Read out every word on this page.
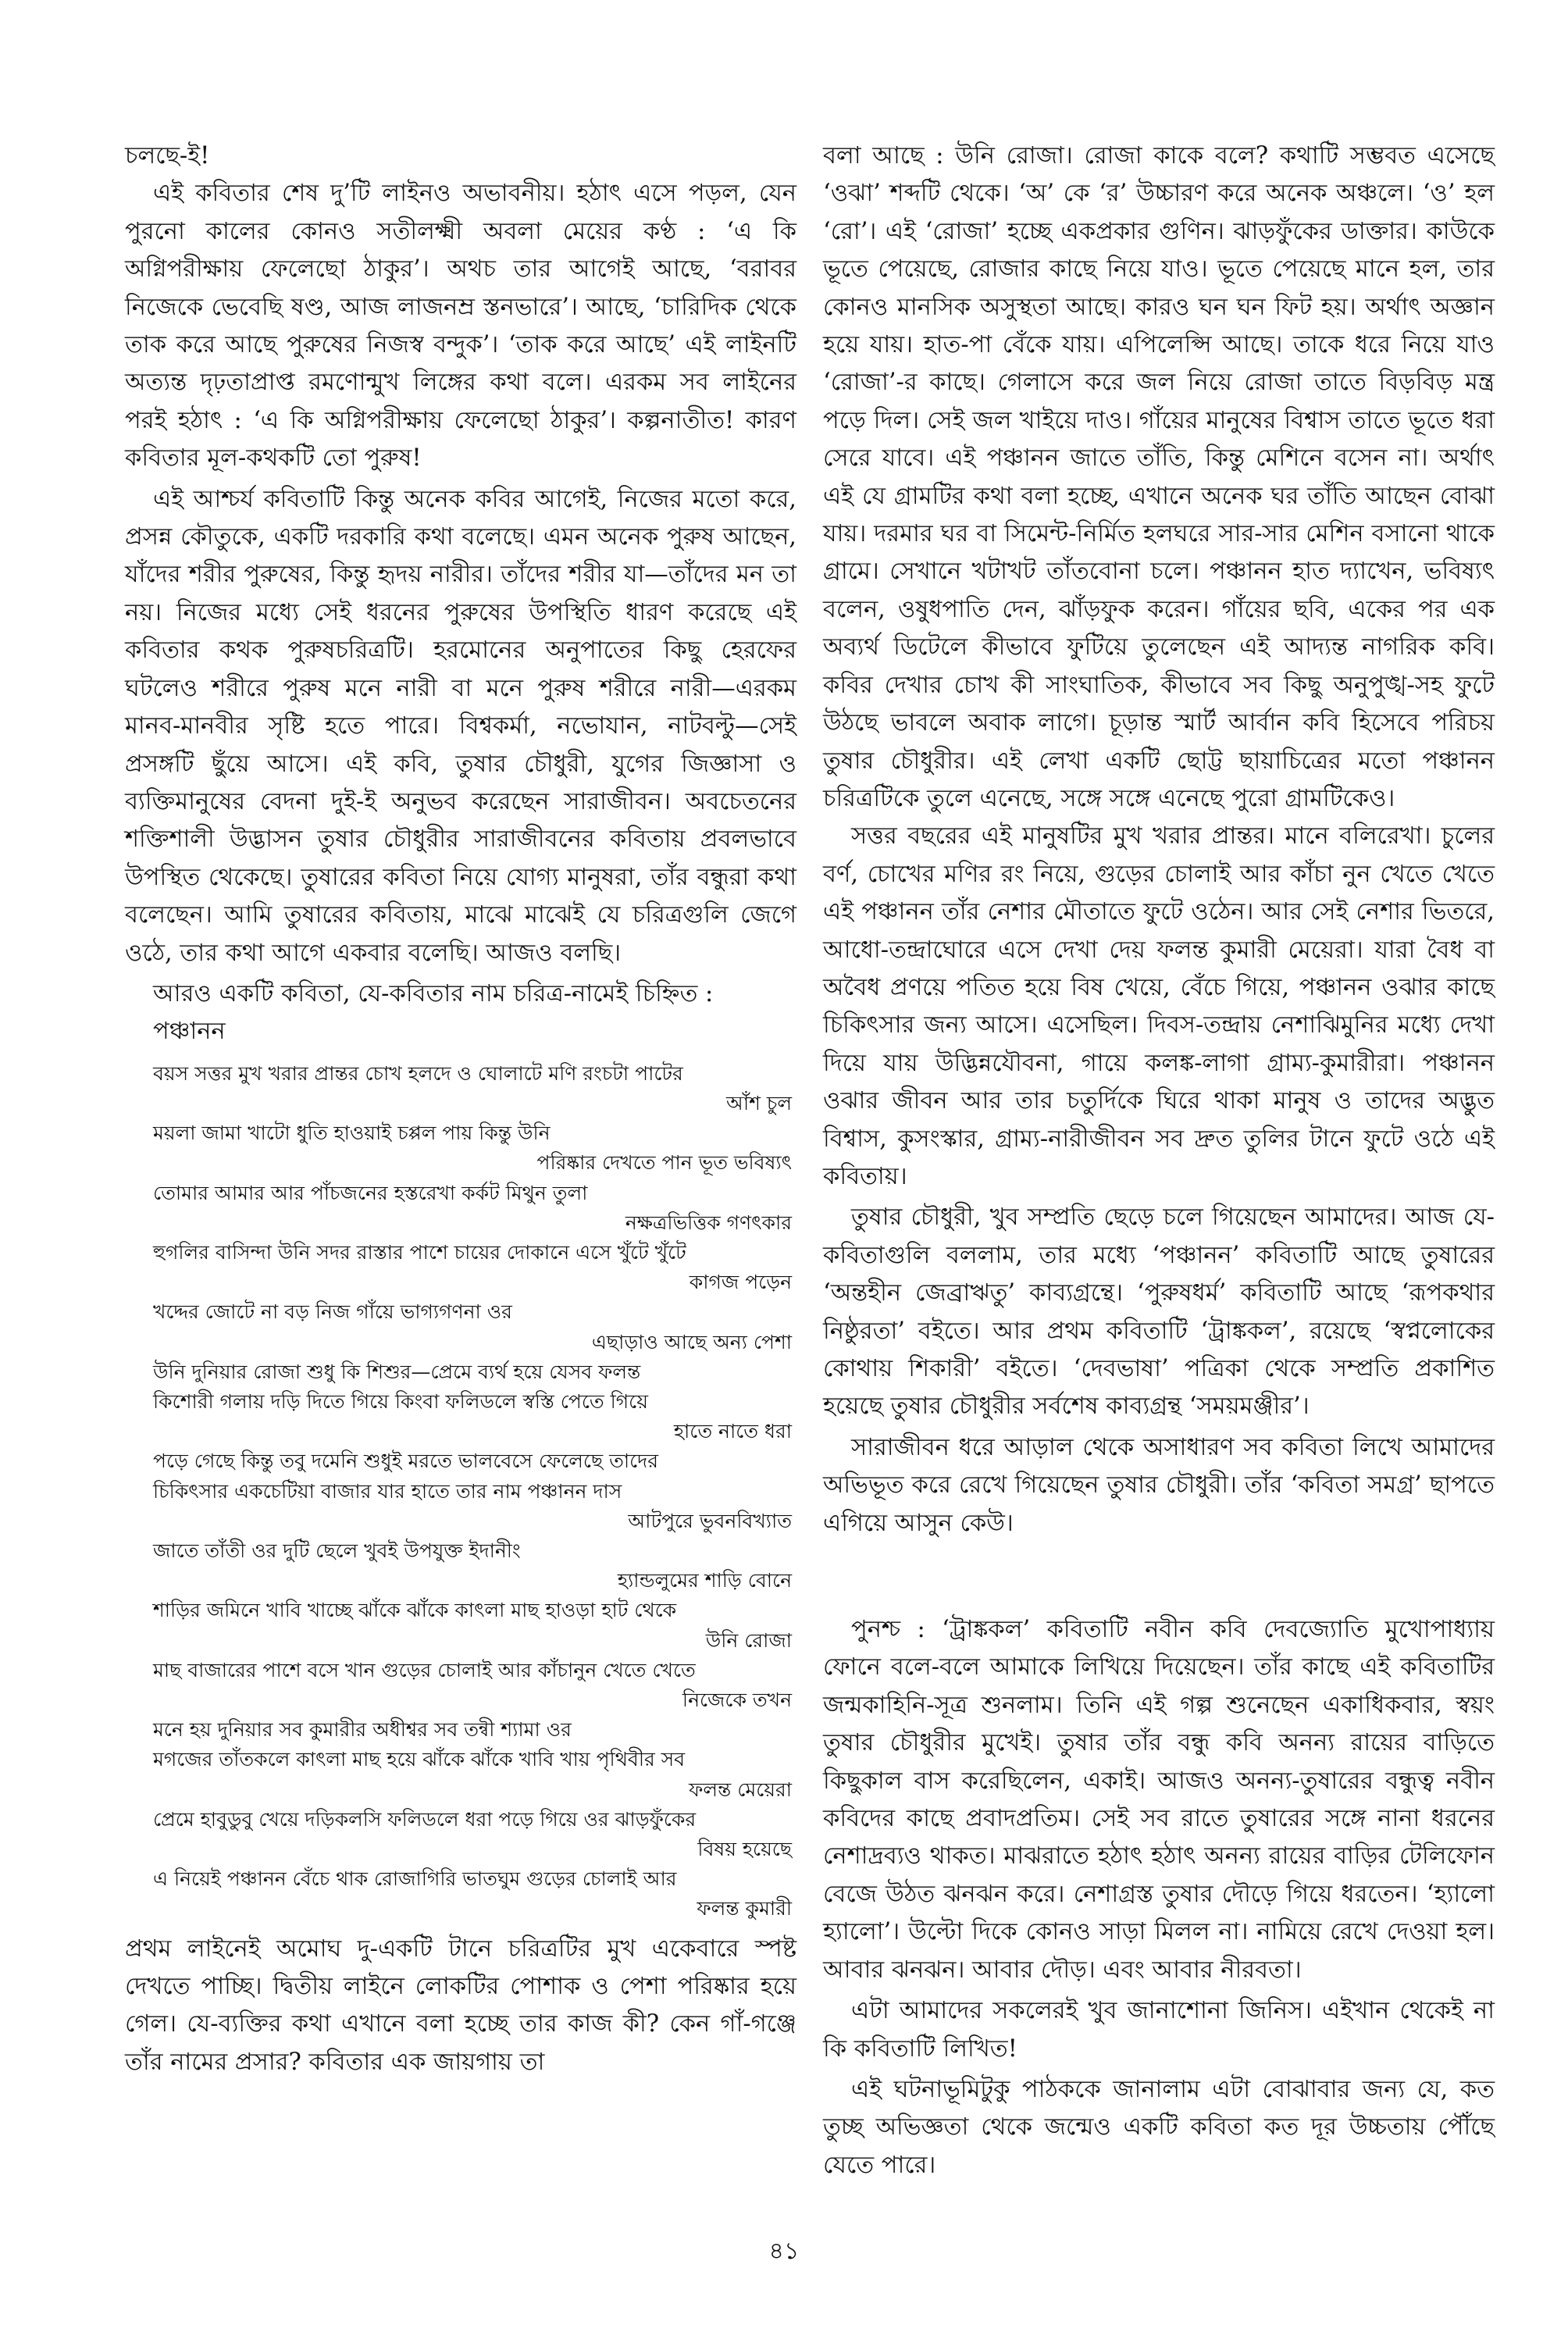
চলছে-ই!

এই কবিতার শেষ দু’টি লাইনও অভাবনীয়। হঠাৎ এসে পড়ল, যেন পুরনো কালের কোনও সতীলক্ষ্মী অবলা মেয়ের কণ্ঠ : ‘এ কি অগ্নিপরীক্ষায় ফেলেছো ঠাকুর’। অথচ তার আগেই আছে, ‘বরাবর নিজেকে ভেবেছি ষণ্ড, আজ লাজনম্র স্তনভারে’। আছে, ‘চারিদিক থেকে তাক করে আছে পুরুষের নিজস্ব বন্দুক’। ‘তাক করে আছে’ এই লাইনটি অত্যন্ত দৃঢ়তাপ্রাপ্ত রমণোন্মুখ লিঙ্গের কথা বলে। এরকম সব লাইনের পরই হঠাৎ : ‘এ কি অগ্নিপরীক্ষায় ফেলেছো ঠাকুর’। কল্পনাতীত! কারণ কবিতার মূল-কথকটি তো পুরুষ!

এই আশ্চর্য কবিতাটি কিন্তু অনেক কবির আগেই, নিজের মতো করে, প্রসন্ন কৌতুকে, একটি দরকারি কথা বলেছে। এমন অনেক পুরুষ আছেন, যাঁদের শরীর পুরুষের, কিন্তু হৃদয় নারীর। তাঁদের শরীর যা—তাঁদের মন তা নয়। নিজের মধ্যে সেই ধরনের পুরুষের উপস্থিতি ধারণ করেছে এই কবিতার কথক পুরুষচরিত্রটি। হরমোনের অনুপাতের কিছু হেরফের ঘটলেও শরীরে পুরুষ মনে নারী বা মনে পুরুষ শরীরে নারী—এরকম মানব-মানবীর সৃষ্টি হতে পারে। বিশ্বকর্মা, নভোযান, নাটবল্টু—সেই প্রসঙ্গটি ছুঁয়ে আসে। এই কবি, তুষার চৌধুরী, যুগের জিজ্ঞাসা ও ব্যক্তিমানুষের বেদনা দুই-ই অনুভব করেছেন সারাজীবন। অবচেতনের শক্তিশালী উদ্ভাসন তুষার চৌধুরীর সারাজীবনের কবিতায় প্রবলভাবে উপস্থিত থেকেছে। তুষারের কবিতা নিয়ে যোগ্য মানুষরা, তাঁর বন্ধুরা কথা বলেছেন। আমি তুষারের কবিতায়, মাঝে মাঝেই যে চরিত্রগুলি জেগে ওঠে, তার কথা আগে একবার বলেছি। আজও বলছি।

আরও একটি কবিতা, যে-কবিতার নাম চরিত্র-নামেই চিহ্নিত :
পঞ্চানন
বয়স সত্তর মুখ খরার প্রান্তর চোখ হলদে ও ঘোলাটে মণি রংচটা পাটের
আঁশ চুল
ময়লা জামা খাটো ধুতি হাওয়াই চপ্পল পায় কিন্তু উনি
পরিষ্কার দেখতে পান ভূত ভবিষ্যৎ
তোমার আমার আর পাঁচজনের হস্তরেখা কর্কট মিথুন তুলা
নক্ষত্রভিত্তিক গণৎকার
হুগলির বাসিন্দা উনি সদর রাস্তার পাশে চায়ের দোকানে এসে খুঁটে খুঁটে
কাগজ পড়েন
খদ্দের জোটে না বড় নিজ গাঁয়ে ভাগ্যগণনা ওর
এছাড়াও আছে অন্য পেশা
উনি দুনিয়ার রোজা শুধু কি শিশুর—প্রেমে ব্যর্থ হয়ে যেসব ফলন্ত
কিশোরী গলায় দড়ি দিতে গিয়ে কিংবা ফলিডলে স্বস্তি পেতে গিয়ে
হাতে নাতে ধরা
পড়ে গেছে কিন্তু তবু দমেনি শুধুই মরতে ভালবেসে ফেলেছে তাদের
চিকিৎসার একচেটিয়া বাজার যার হাতে তার নাম পঞ্চানন দাস
আটপুরে ভুবনবিখ্যাত
জাতে তাঁতী ওর দুটি ছেলে খুবই উপযুক্ত ইদানীং
হ্যান্ডলুমের শাড়ি বোনে
শাড়ির জমিনে খাবি খাচ্ছে ঝাঁকে ঝাঁকে কাৎলা মাছ হাওড়া হাট থেকে
উনি রোজা
মাছ বাজারের পাশে বসে খান গুড়ের চোলাই আর কাঁচানুন খেতে খেতে
নিজেকে তখন
মনে হয় দুনিয়ার সব কুমারীর অধীশ্বর সব তন্বী শ্যামা ওর
মগজের তাঁতকলে কাৎলা মাছ হয়ে ঝাঁকে ঝাঁকে খাবি খায় পৃথিবীর সব
ফলন্ত মেয়েরা
প্রেমে হাবুডুবু খেয়ে দড়িকলসি ফলিডলে ধরা পড়ে গিয়ে ওর ঝাড়ফুঁকের
বিষয় হয়েছে
এ নিয়েই পঞ্চানন বেঁচে থাক রোজাগিরি ভাতঘুম গুড়ের চোলাই আর
ফলন্ত কুমারী

প্রথম লাইনেই অমোঘ দু-একটি টানে চরিত্রটির মুখ একেবারে স্পষ্ট দেখতে পাচ্ছি। দ্বিতীয় লাইনে লোকটির পোশাক ও পেশা পরিষ্কার হয়ে গেল। যে-ব্যক্তির কথা এখানে বলা হচ্ছে তার কাজ কী? কেন গাঁ-গঞ্জে তাঁর নামের প্রসার? কবিতার এক জায়গায় তা

বলা আছে : উনি রোজা। রোজা কাকে বলে? কথাটি সম্ভবত এসেছে ‘ওঝা’ শব্দটি থেকে। ‘অ’ কে ‘র’ উচ্চারণ করে অনেক অঞ্চলে। ‘ও’ হল ‘রো’। এই ‘রোজা’ হচ্ছে একপ্রকার গুণিন। ঝাড়ফুঁকের ডাক্তার। কাউকে ভূতে পেয়েছে, রোজার কাছে নিয়ে যাও। ভূতে পেয়েছে মানে হল, তার কোনও মানসিক অসুস্থতা আছে। কারও ঘন ঘন ফিট হয়। অর্থাৎ অজ্ঞান হয়ে যায়। হাত-পা বেঁকে যায়। এপিলেপ্সি আছে। তাকে ধরে নিয়ে যাও ‘রোজা’-র কাছে। গেলাসে করে জল নিয়ে রোজা তাতে বিড়বিড় মন্ত্র পড়ে দিল। সেই জল খাইয়ে দাও। গাঁয়ের মানুষের বিশ্বাস তাতে ভূতে ধরা সেরে যাবে। এই পঞ্চানন জাতে তাঁতি, কিন্তু মেশিনে বসেন না। অর্থাৎ এই যে গ্রামটির কথা বলা হচ্ছে, এখানে অনেক ঘর তাঁতি আছেন বোঝা যায়। দরমার ঘর বা সিমেন্ট-নির্মিত হলঘরে সার-সার মেশিন বসানো থাকে গ্রামে। সেখানে খটাখট তাঁতবোনা চলে। পঞ্চানন হাত দ্যাখেন, ভবিষ্যৎ বলেন, ওষুধপাতি দেন, ঝাঁড়ফুক করেন। গাঁয়ের ছবি, একের পর এক অব্যর্থ ডিটেলে কীভাবে ফুটিয়ে তুলেছেন এই আদ্যন্ত নাগরিক কবি। কবির দেখার চোখ কী সাংঘাতিক, কীভাবে সব কিছু অনুপুঙ্খ-সহ ফুটে উঠছে ভাবলে অবাক লাগে। চূড়ান্ত স্মার্ট আর্বান কবি হিসেবে পরিচয় তুষার চৌধুরীর। এই লেখা একটি ছোট্ট ছায়াচিত্রের মতো পঞ্চানন চরিত্রটিকে তুলে এনেছে, সঙ্গে সঙ্গে এনেছে পুরো গ্রামটিকেও।

সত্তর বছরের এই মানুষটির মুখ খরার প্রান্তর। মানে বলিরেখা। চুলের বর্ণ, চোখের মণির রং নিয়ে, গুড়ের চোলাই আর কাঁচা নুন খেতে খেতে এই পঞ্চানন তাঁর নেশার মৌতাতে ফুটে ওঠেন। আর সেই নেশার ভিতরে, আধো-তন্দ্রাঘোরে এসে দেখা দেয় ফলন্ত কুমারী মেয়েরা। যারা বৈধ বা অবৈধ প্রণয়ে পতিত হয়ে বিষ খেয়ে, বেঁচে গিয়ে, পঞ্চানন ওঝার কাছে চিকিৎসার জন্য আসে। এসেছিল। দিবস-তন্দ্রায় নেশাঝিমুনির মধ্যে দেখা দিয়ে যায় উদ্ভিন্নযৌবনা, গায়ে কলঙ্ক-লাগা গ্রাম্য-কুমারীরা। পঞ্চানন ওঝার জীবন আর তার চতুর্দিকে ঘিরে থাকা মানুষ ও তাদের অদ্ভুত বিশ্বাস, কুসংস্কার, গ্রাম্য-নারীজীবন সব দ্রুত তুলির টানে ফুটে ওঠে এই কবিতায়।

তুষার চৌধুরী, খুব সম্প্রতি ছেড়ে চলে গিয়েছেন আমাদের। আজ যে-কবিতাগুলি বললাম, তার মধ্যে ‘পঞ্চানন’ কবিতাটি আছে তুষারের ‘অন্তহীন জেব্রাঋতু’ কাব্যগ্রন্থে। ‘পুরুষধর্ম’ কবিতাটি আছে ‘রূপকথার নিষ্ঠুরতা’ বইতে। আর প্রথম কবিতাটি ‘ট্রাঙ্ককল’, রয়েছে ‘স্বপ্নলোকের কোথায় শিকারী’ বইতে। ‘দেবভাষা’ পত্রিকা থেকে সম্প্রতি প্রকাশিত হয়েছে তুষার চৌধুরীর সর্বশেষ কাব্যগ্রন্থ ‘সময়মঞ্জীর’।

সারাজীবন ধরে আড়াল থেকে অসাধারণ সব কবিতা লিখে আমাদের অভিভূত করে রেখে গিয়েছেন তুষার চৌধুরী। তাঁর ‘কবিতা সমগ্র’ ছাপতে এগিয়ে আসুন কেউ।

পুনশ্চ : ‘ট্রাঙ্ককল’ কবিতাটি নবীন কবি দেবজ্যোতি মুখোপাধ্যায় ফোনে বলে-বলে আমাকে লিখিয়ে দিয়েছেন। তাঁর কাছে এই কবিতাটির জন্মকাহিনি-সূত্র শুনলাম। তিনি এই গল্প শুনেছেন একাধিকবার, স্বয়ং তুষার চৌধুরীর মুখেই। তুষার তাঁর বন্ধু কবি অনন্য রায়ের বাড়িতে কিছুকাল বাস করেছিলেন, একাই। আজও অনন্য-তুষারের বন্ধুত্ব নবীন কবিদের কাছে প্রবাদপ্রতিম। সেই সব রাতে তুষারের সঙ্গে নানা ধরনের নেশাদ্রব্যও থাকত। মাঝরাতে হঠাৎ হঠাৎ অনন্য রায়ের বাড়ির টেলিফোন বেজে উঠত ঝনঝন করে। নেশাগ্রস্ত তুষার দৌড়ে গিয়ে ধরতেন। ‘হ্যালো হ্যালো’। উল্টো দিকে কোনও সাড়া মিলল না। নামিয়ে রেখে দেওয়া হল। আবার ঝনঝন। আবার দৌড়। এবং আবার নীরবতা।

এটা আমাদের সকলেরই খুব জানাশোনা জিনিস। এইখান থেকেই না কি কবিতাটি লিখিত!

এই ঘটনাভূমিটুকু পাঠককে জানালাম এটা বোঝাবার জন্য যে, কত তুচ্ছ অভিজ্ঞতা থেকে জন্মেও একটি কবিতা কত দূর উচ্চতায় পৌঁছে যেতে পারে।

৪১
